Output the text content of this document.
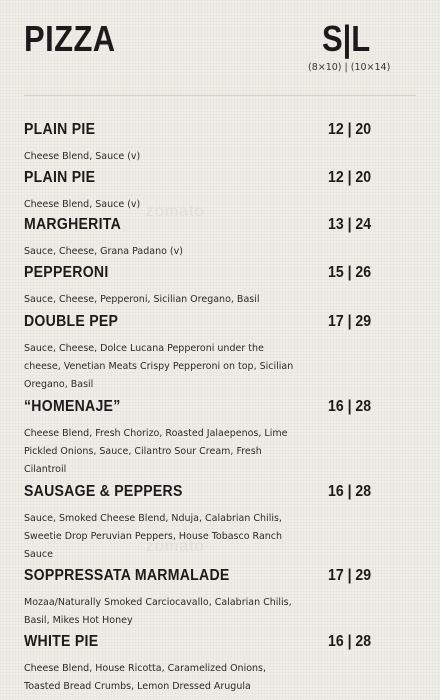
PIZZA	S|L
(8×10) | (10×14)
zomato
zomato
PLAIN PIE	12 | 20
Cheese Blend, Sauce (v)
PLAIN PIE	12 | 20
Cheese Blend, Sauce (v)
MARGHERITA	13 | 24
Sauce, Cheese, Grana Padano (v)
PEPPERONI	15 | 26
Sauce, Cheese, Pepperoni, Sicilian Oregano, Basil
DOUBLE PEP	17 | 29
Sauce, Cheese, Dolce Lucana Pepperoni under the cheese, Venetian Meats Crispy Pepperoni on top, Sicilian Oregano, Basil
“HOMENAJE”	16 | 28
Cheese Blend, Fresh Chorizo, Roasted Jalaepenos, Lime Pickled Onions, Sauce, Cilantro Sour Cream, Fresh Cilantroil
SAUSAGE & PEPPERS	16 | 28
Sauce, Smoked Cheese Blend, Nduja, Calabrian Chilis, Sweetie Drop Peruvian Peppers, House Tobasco Ranch Sauce
SOPPRESSATA MARMALADE	17 | 29
Mozaa/Naturally Smoked Carciocavallo, Calabrian Chilis, Basil, Mikes Hot Honey
WHITE PIE	16 | 28
Cheese Blend, House Ricotta, Caramelized Onions, Toasted Bread Crumbs, Lemon Dressed Arugula
